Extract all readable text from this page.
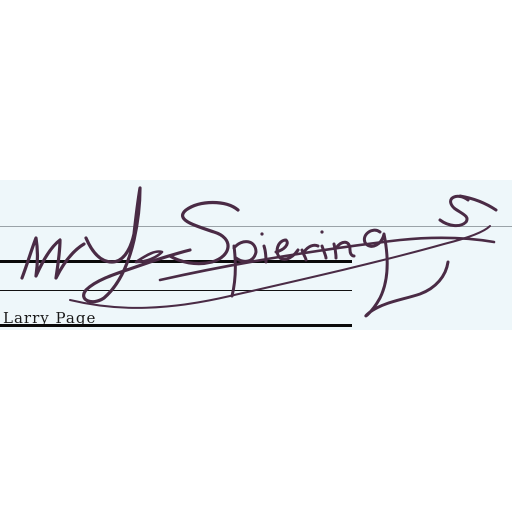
Larry Page
